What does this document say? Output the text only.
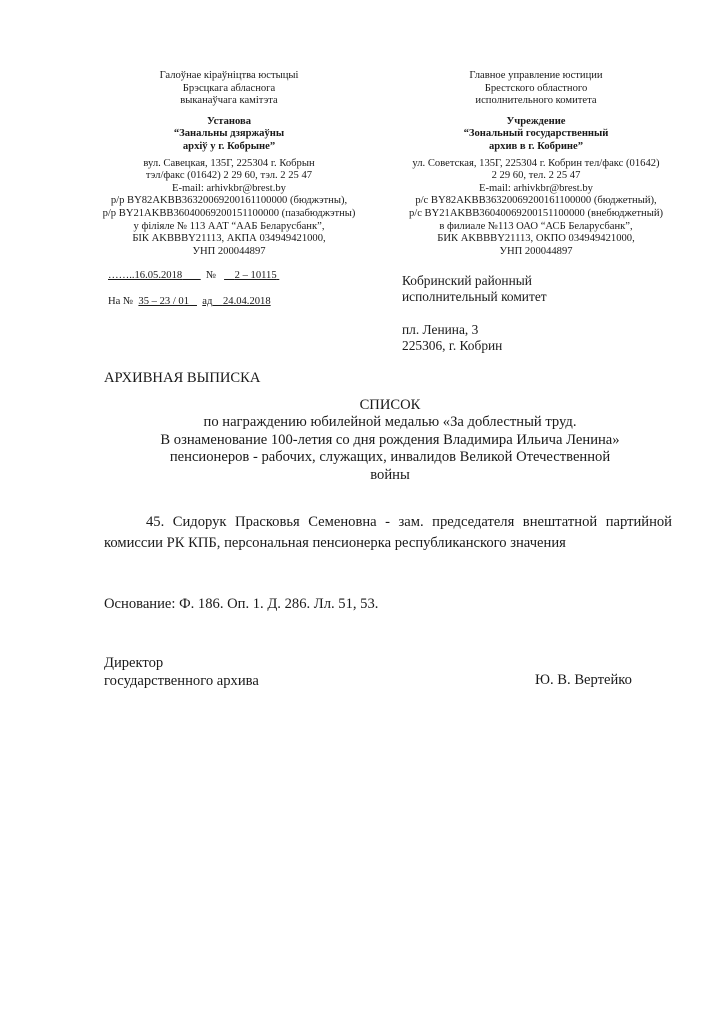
Галоўнае кіраўніцтва юстыцыі
Брэсцкага абласнога
выканаўчага камітэта
Установа
“Занальны дзяржаўны
архіў у г. Кобрыне”
вул. Савецкая, 135Г, 225304 г. Кобрын
тэл/факс (01642) 2 29 60, тэл. 2 25 47
E-mail: arhivkbr@brest.by
р/р BY82AKBB36320069200161100000 (бюджэтны),
р/р BY21AKBB36040069200151100000 (пазабюджэтны)
у філіяле № 113 ААТ “ААБ Беларусбанк”,
БІК AKBBBY21113, АКПА 034949421000,
УНП 200044897
Главное управление юстиции
Брестского областного
исполнительного комитета
Учреждение
“Зональный государственный
архив в г. Кобрине”
ул. Советская, 135Г, 225304 г. Кобрин тел/факс (01642)
2 29 60, тел. 2 25 47
E-mail: arhivkbr@brest.by
р/с BY82AKBB36320069200161100000 (бюджетный),
р/с BY21AKBB36040069200151100000 (внебюджетный)
в филиале №113 ОАО “АСБ Беларусбанк”,
БИК AKBBBY21113, ОКПО 034949421000,
УНП 200044897
……..16.05.2018 № 2 – 10115
На № 35 – 23 / 01 ад 24.04.2018
Кобринский районный
исполнительный комитет
пл. Ленина, 3
225306, г. Кобрин
АРХИВНАЯ ВЫПИСКА
СПИСОК
по награждению юбилейной медалью «За доблестный труд.
В ознаменование 100-летия со дня рождения Владимира Ильича Ленина»
пенсионеров - рабочих, служащих, инвалидов Великой Отечественной
войны
45. Сидорук Прасковья Семеновна - зам. председателя внештатной партийной комиссии РК КПБ, персональная пенсионерка республиканского значения
Основание: Ф. 186. Оп. 1. Д. 286. Лл. 51, 53.
Директор
государственного архива	Ю. В. Вертейко
